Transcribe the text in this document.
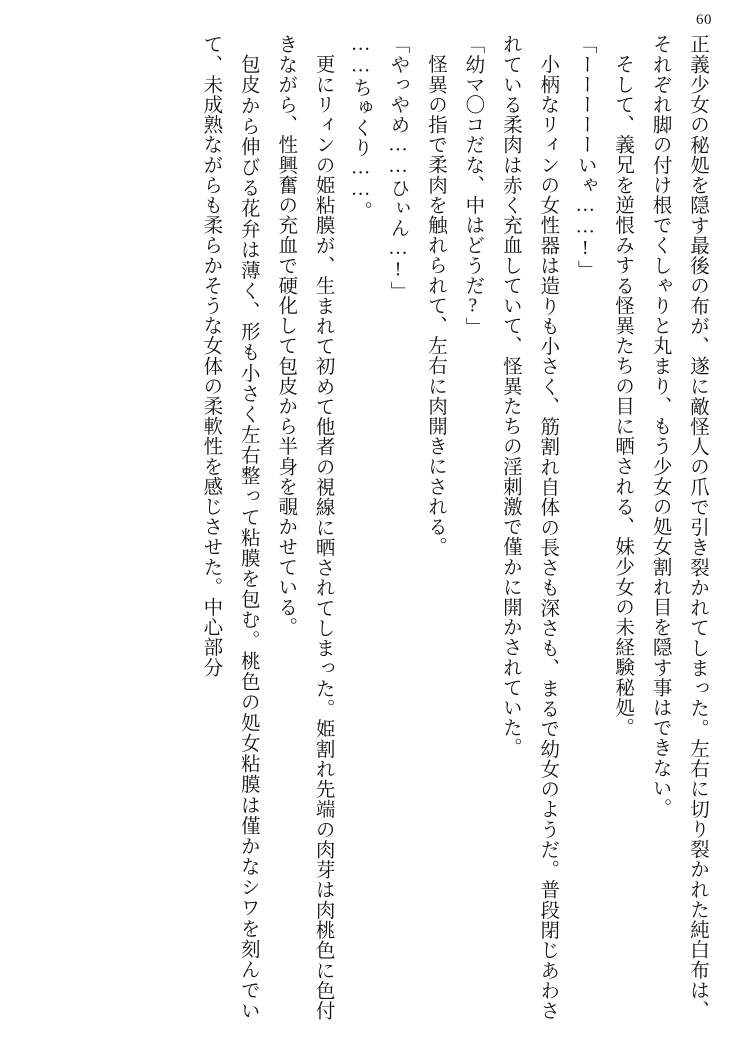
60

正義少女の秘処を隠す最後の布が、遂に敵怪人の爪で引き裂かれてしまった。左右に切り裂かれた純白布は、それぞれ脚の付け根でくしゃりと丸まり、もう少女の処女割れ目を隠す事はできない。

そして、義兄を逆恨みする怪異たちの目に晒される、妹少女の未経験秘処。

「ーーーーーいゃ……!」

小柄なリィンの女性器は造りも小さく、筋割れ自体の長さも深さも、まるで幼女のようだ。普段閉じあわされている柔肉は赤く充血していて、怪異たちの淫刺激で僅かに開かされていた。

「幼マ〇コだな、中はどうだ?」

怪異の指で柔肉を触れられて、左右に肉開きにされる。

「やっやめ……ひぃん…!」

……ちゅくり……。

更にリィンの姫粘膜が、生まれて初めて他者の視線に晒されてしまった。姫割れ先端の肉芽は肉桃色に色付きながら、性興奮の充血で硬化して包皮から半身を覗かせている。

包皮から伸びる花弁は薄く、形も小さく左右整って粘膜を包む。桃色の処女粘膜は僅かなシワを刻んでいて、未成熟ながらも柔らかそうな女体の柔軟性を感じさせた。中心部分
